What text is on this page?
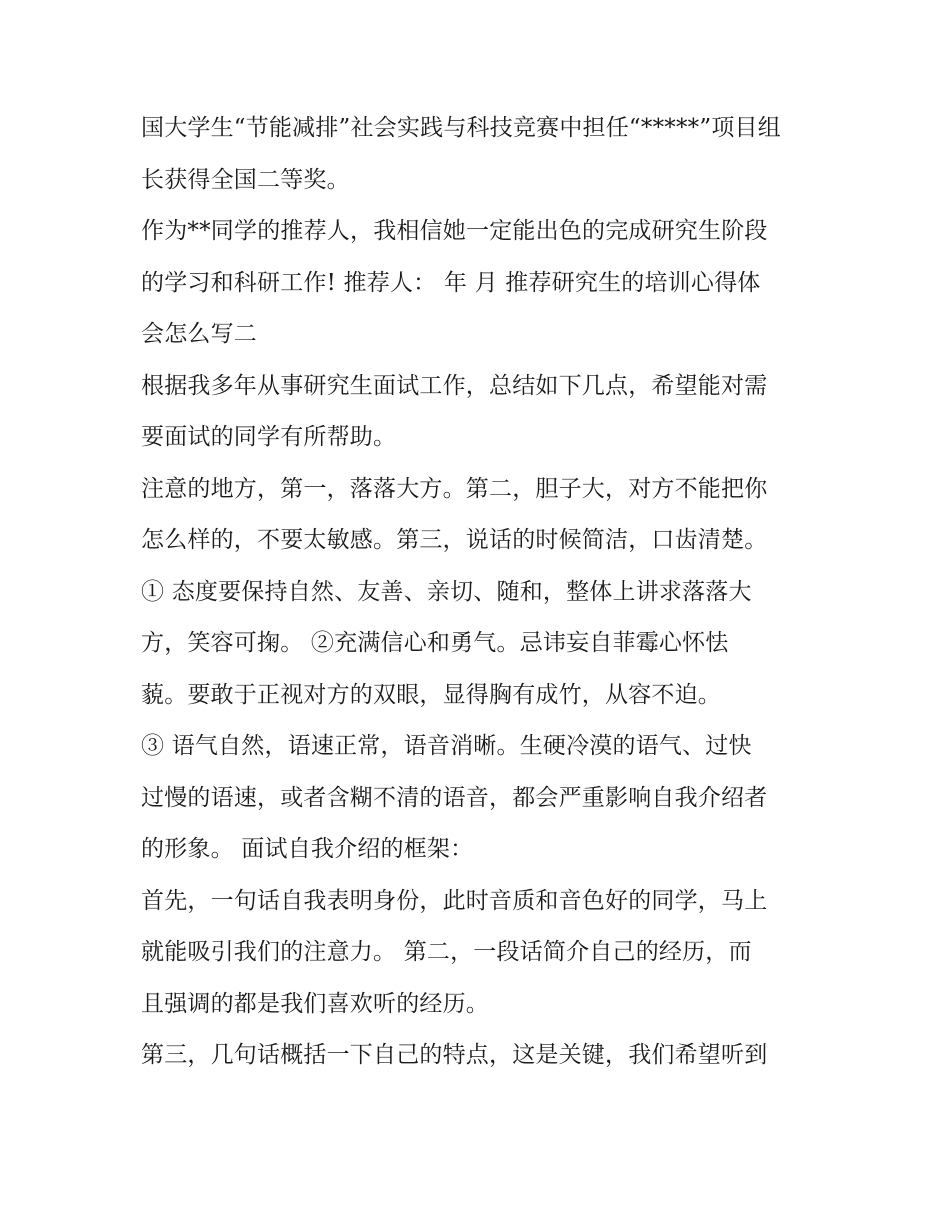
国大学生“节能减排”社会实践与科技竞赛中担任“*****”项目组
长获得全国二等奖。
作为**同学的推荐人，我相信她一定能出色的完成研究生阶段
的学习和科研工作! 推荐人： 年 月 推荐研究生的培训心得体
会怎么写二
根据我多年从事研究生面试工作，总结如下几点，希望能对需
要面试的同学有所帮助。
注意的地方，第一，落落大方。第二，胆子大，对方不能把你
怎么样的，不要太敏感。第三，说话的时候简洁，口齿清楚。
① 态度要保持自然、友善、亲切、随和，整体上讲求落落大
方，笑容可掬。 ②充满信心和勇气。忌讳妄自菲霉心怀怯
藐。要敢于正视对方的双眼，显得胸有成竹，从容不迫。
③ 语气自然，语速正常，语音消晰。生硬冷漠的语气、过快
过慢的语速，或者含糊不清的语音，都会严重影响自我介绍者
的形象。 面试自我介绍的框架：
首先，一句话自我表明身份，此时音质和音色好的同学，马上
就能吸引我们的注意力。 第二，一段话简介自己的经历，而
且强调的都是我们喜欢听的经历。
第三，几句话概括一下自己的特点，这是关键，我们希望听到
